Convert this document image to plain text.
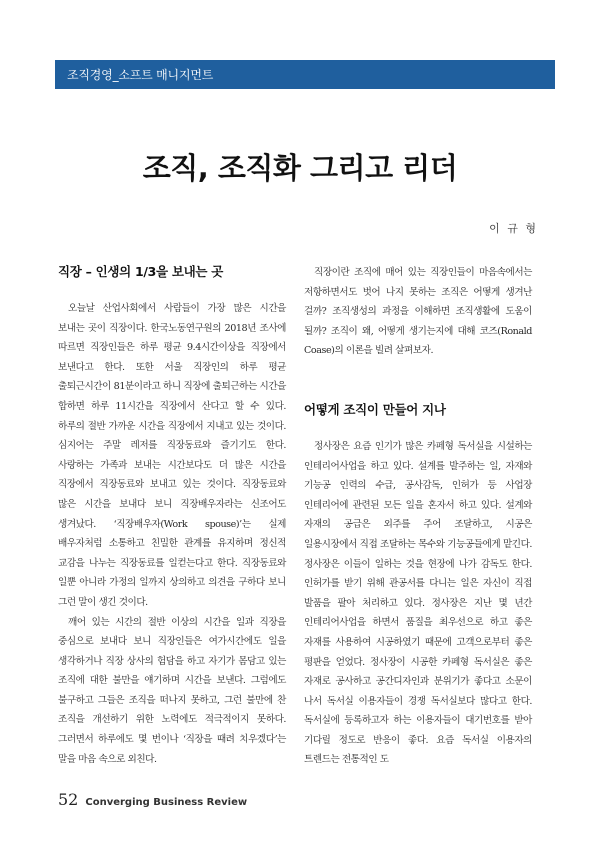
조직경영_소프트 매니지먼트
조직, 조직화 그리고 리더
이 규 형
직장 – 인생의 1/3을 보내는 곳

오늘날 산업사회에서 사람들이 가장 많은 시간을 보내는 곳이 직장이다. 한국노동연구원의 2018년 조사에 따르면 직장인들은 하루 평균 9.4시간이상을 직장에서 보낸다고 한다. 또한 서울 직장인의 하루 평균 출퇴근시간이 81분이라고 하니 직장에 출퇴근하는 시간을 합하면 하루 11시간을 직장에서 산다고 할 수 있다. 하루의 절반 가까운 시간을 직장에서 지내고 있는 것이다. 심지어는 주말 레저를 직장동료와 즐기기도 한다. 사랑하는 가족과 보내는 시간보다도 더 많은 시간을 직장에서 직장동료와 보내고 있는 것이다. 직장동료와 많은 시간을 보내다 보니 직장배우자라는 신조어도 생겨났다. ‘직장배우자(Work spouse)’는 실제 배우자처럼 소통하고 친밀한 관계를 유지하며 정신적 교감을 나누는 직장동료를 일컫는다고 한다. 직장동료와 일뿐 아니라 가정의 일까지 상의하고 의견을 구하다 보니 그런 말이 생긴 것이다.

깨어 있는 시간의 절반 이상의 시간을 일과 직장을 중심으로 보내다 보니 직장인들은 여가시간에도 일을 생각하거나 직장 상사의 험담을 하고 자기가 몸담고 있는 조직에 대한 불만을 얘기하며 시간을 보낸다. 그럼에도 불구하고 그들은 조직을 떠나지 못하고, 그런 불만에 찬 조직을 개선하기 위한 노력에도 적극적이지 못하다. 그러면서 하루에도 몇 번이나 ‘직장을 때려 치우겠다’는 말을 마음 속으로 외친다.

직장이란 조직에 매어 있는 직장인들이 마음속에서는 저항하면서도 벗어 나지 못하는 조직은 어떻게 생겨난 걸까? 조직생성의 과정을 이해하면 조직생활에 도움이 될까? 조직이 왜, 어떻게 생기는지에 대해 코즈(Ronald Coase)의 이론을 빌려 살펴보자.

어떻게 조직이 만들어 지나

정사장은 요즘 인기가 많은 카페형 독서실을 시설하는 인테리어사업을 하고 있다. 설계를 발주하는 일, 자재와 기능공 인력의 수급, 공사감독, 인허가 등 사업장 인테리어에 관련된 모든 일을 혼자서 하고 있다. 설계와 자재의 공급은 외주를 주어 조달하고, 시공은 일용시장에서 직접 조달하는 목수와 기능공들에게 맡긴다. 정사장은 이들이 일하는 것을 현장에 나가 감독도 한다. 인허가를 받기 위해 관공서를 다니는 일은 자신이 직접 발품을 팔아 처리하고 있다. 정사장은 지난 몇 년간 인테리어사업을 하면서 품질을 최우선으로 하고 좋은 자재를 사용하여 시공하였기 때문에 고객으로부터 좋은 평판을 얻었다. 정사장이 시공한 카페형 독서실은 좋은 자재로 공사하고 공간디자인과 분위기가 좋다고 소문이 나서 독서실 이용자들이 경쟁 독서실보다 많다고 한다. 독서실에 등록하고자 하는 이용자들이 대기번호를 받아 기다릴 정도로 반응이 좋다. 요즘 독서실 이용자의 트렌드는 전통적인 도

52 Converging Business Review
